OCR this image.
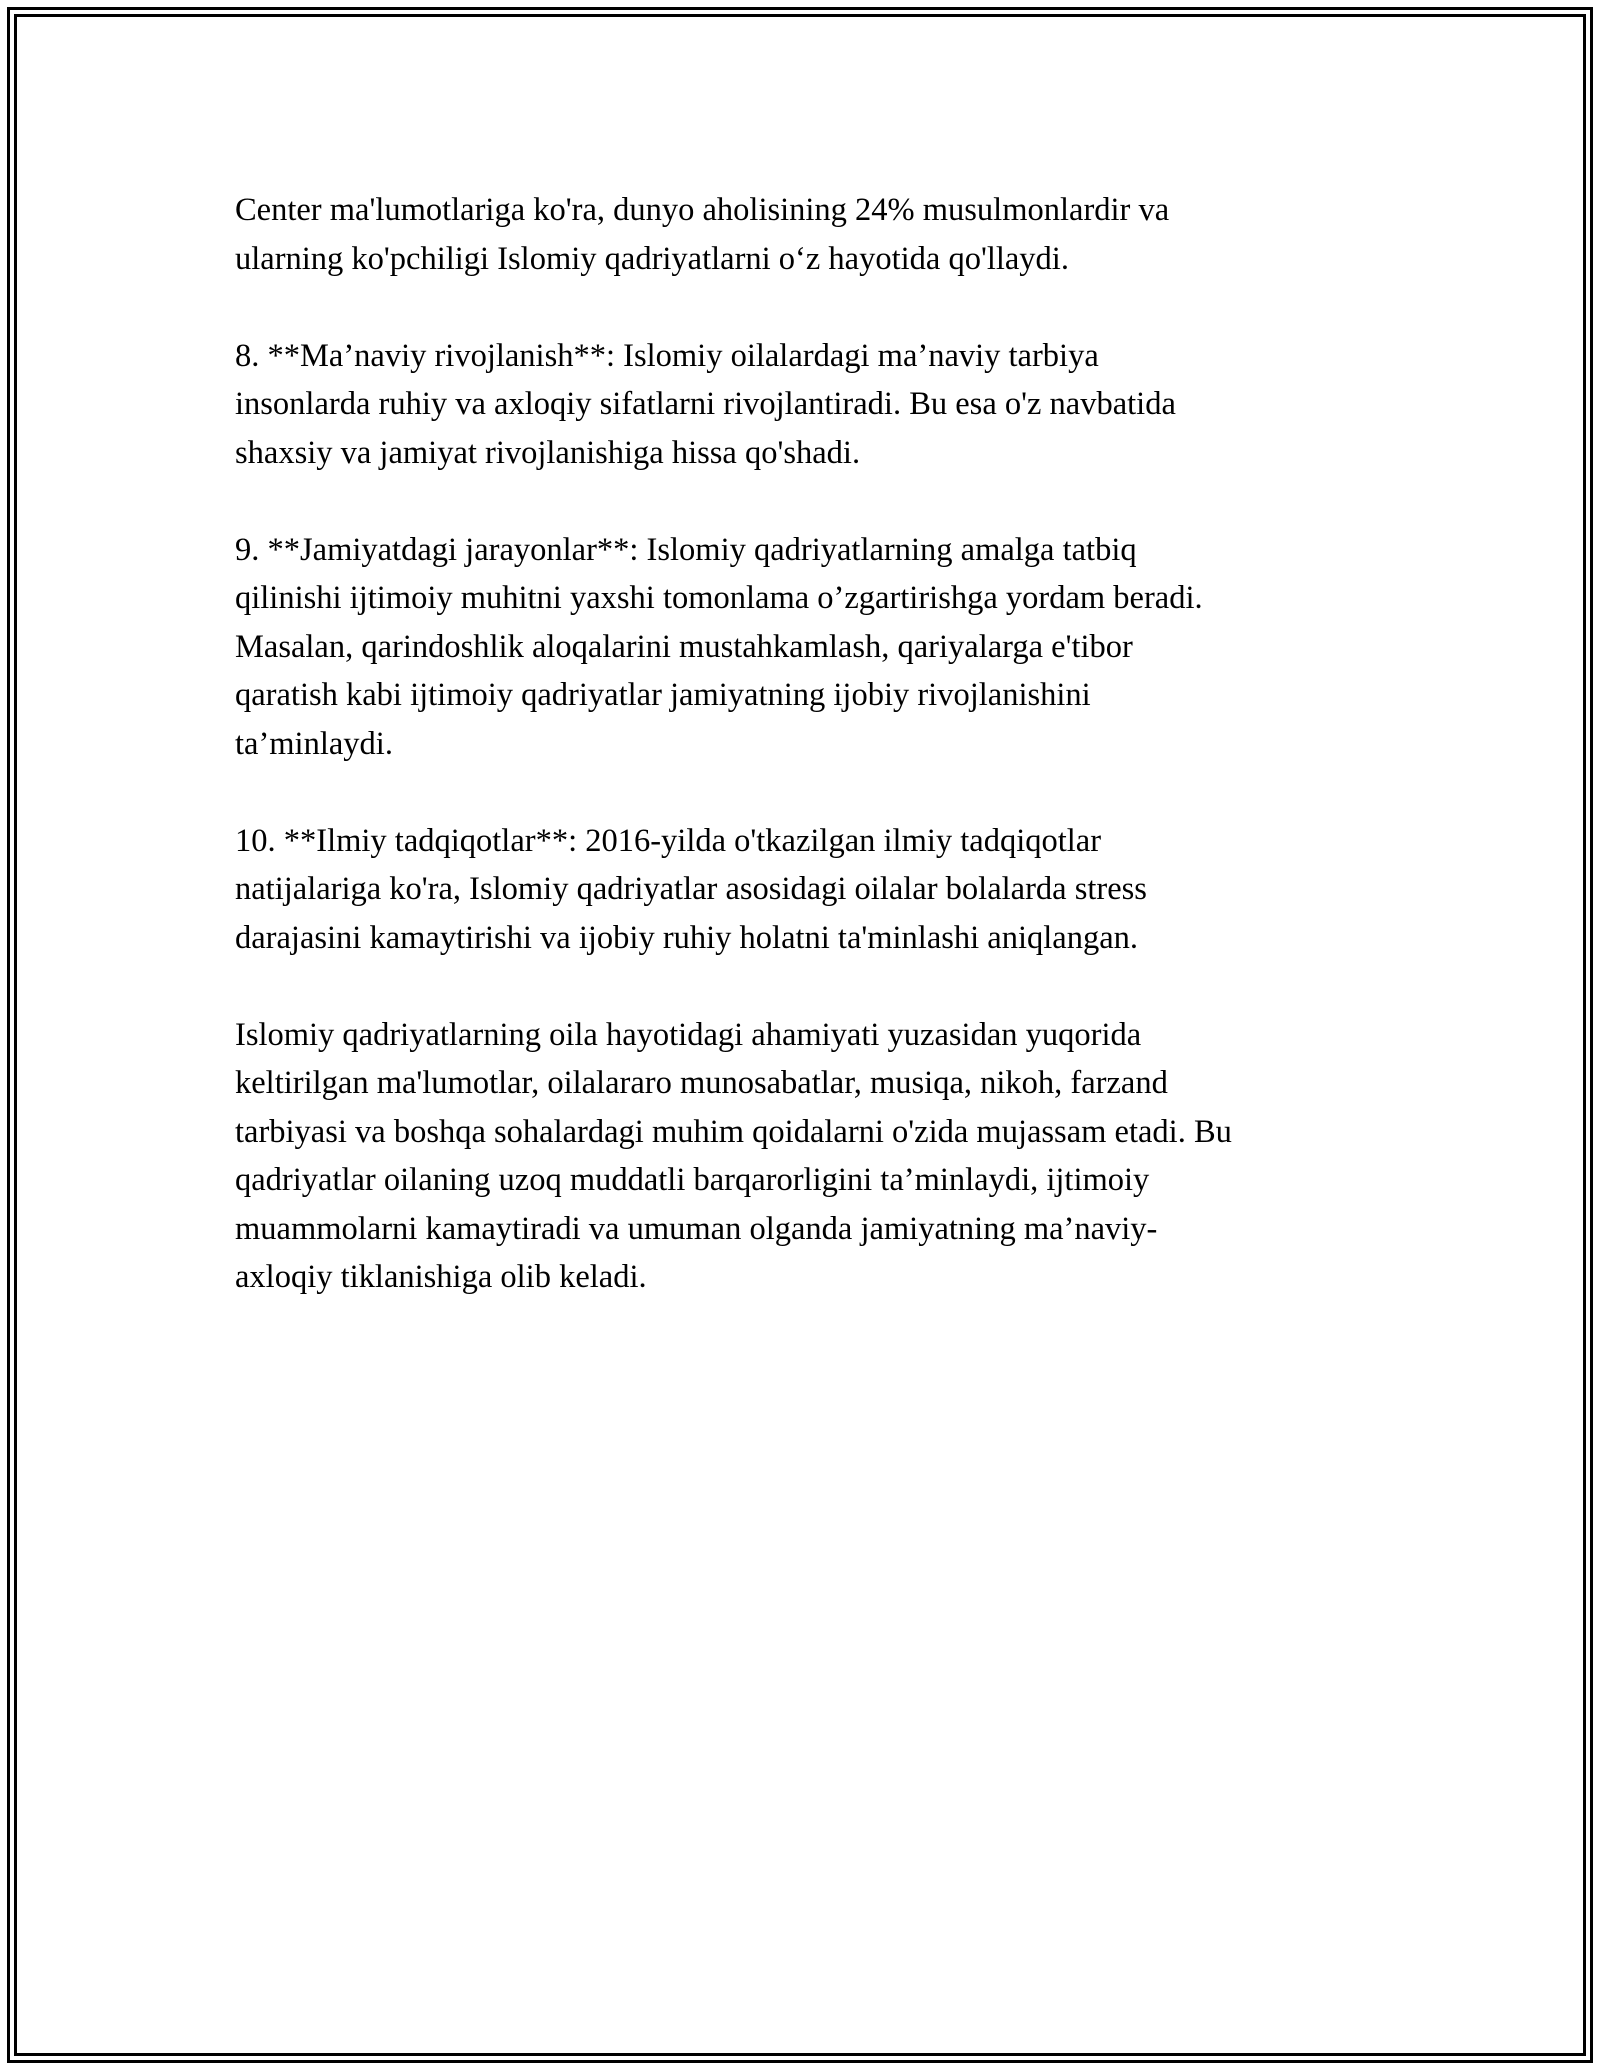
Center ma'lumotlariga ko'ra, dunyo aholisining 24% musulmonlardir va
ularning ko'pchiligi Islomiy qadriyatlarni o‘z hayotida qo'llaydi.

8. **Ma’naviy rivojlanish**: Islomiy oilalardagi ma’naviy tarbiya
insonlarda ruhiy va axloqiy sifatlarni rivojlantiradi. Bu esa o'z navbatida
shaxsiy va jamiyat rivojlanishiga hissa qo'shadi.

9. **Jamiyatdagi jarayonlar**: Islomiy qadriyatlarning amalga tatbiq
qilinishi ijtimoiy muhitni yaxshi tomonlama o’zgartirishga yordam beradi.
Masalan, qarindoshlik aloqalarini mustahkamlash, qariyalarga e'tibor
qaratish kabi ijtimoiy qadriyatlar jamiyatning ijobiy rivojlanishini
ta’minlaydi.

10. **Ilmiy tadqiqotlar**: 2016-yilda o'tkazilgan ilmiy tadqiqotlar
natijalariga ko'ra, Islomiy qadriyatlar asosidagi oilalar bolalarda stress
darajasini kamaytirishi va ijobiy ruhiy holatni ta'minlashi aniqlangan.

Islomiy qadriyatlarning oila hayotidagi ahamiyati yuzasidan yuqorida
keltirilgan ma'lumotlar, oilalararo munosabatlar, musiqa, nikoh, farzand
tarbiyasi va boshqa sohalardagi muhim qoidalarni o'zida mujassam etadi. Bu
qadriyatlar oilaning uzoq muddatli barqarorligini ta’minlaydi, ijtimoiy
muammolarni kamaytiradi va umuman olganda jamiyatning ma’naviy-
axloqiy tiklanishiga olib keladi.
